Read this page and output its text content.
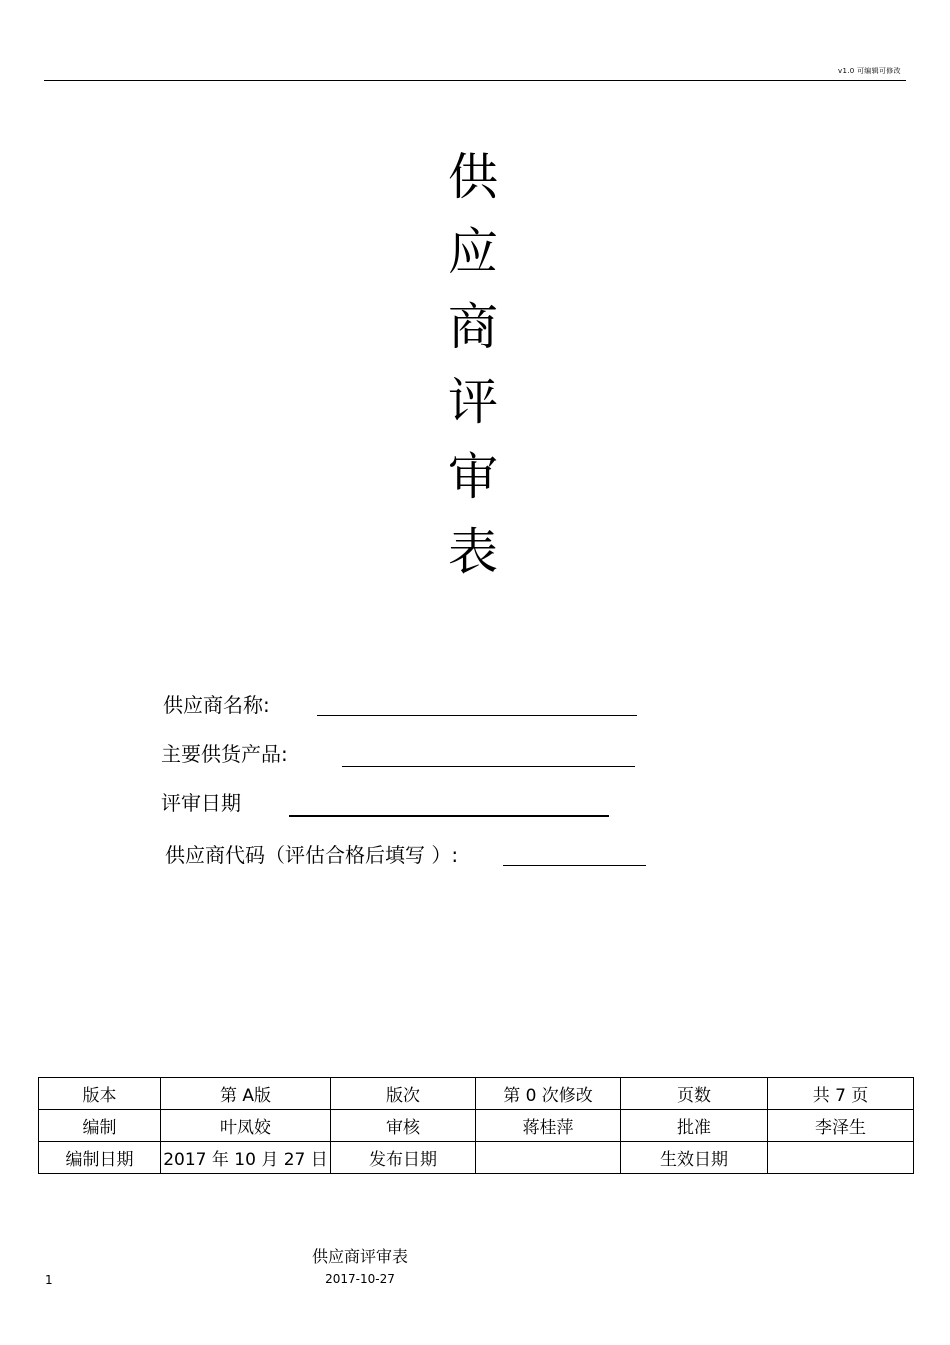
v1.0 可编辑可修改
供
应
商
评
审
表
供应商名称:
主要供货产品:
评审日期
供应商代码（评估合格后填写 ）:
版本	第 A版	版次	第 0 次修改	页数	共 7 页
编制	叶凤姣	审核	蒋桂萍	批准	李泽生
编制日期	2017 年 10 月 27 日	发布日期		生效日期	
供应商评审表
2017-10-27
1
